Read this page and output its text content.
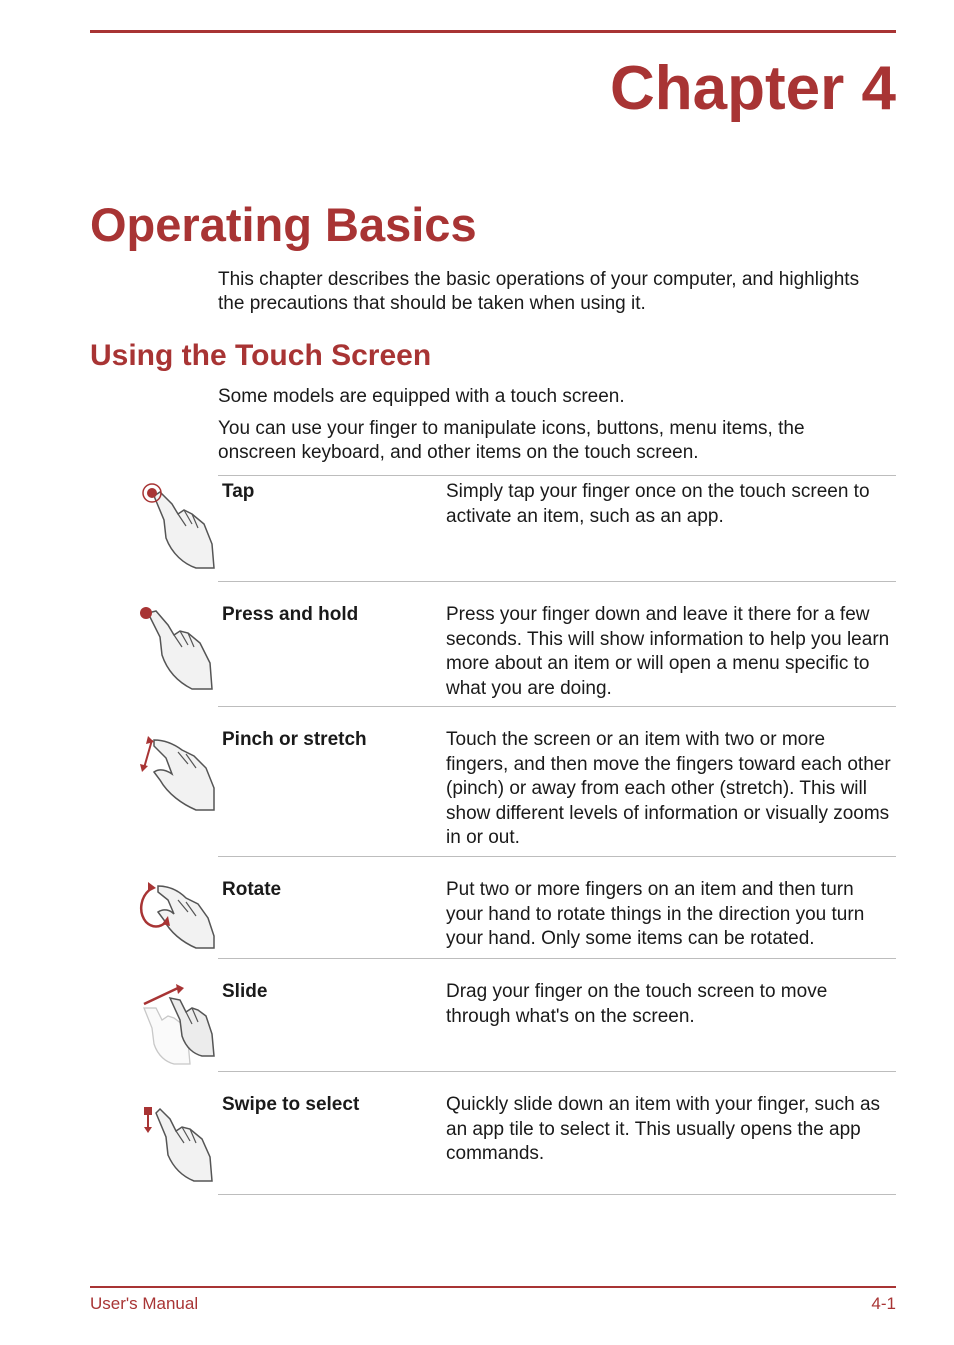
Chapter 4
Operating Basics
This chapter describes the basic operations of your computer, and highlights the precautions that should be taken when using it.
Using the Touch Screen
Some models are equipped with a touch screen.
You can use your finger to manipulate icons, buttons, menu items, the onscreen keyboard, and other items on the touch screen.
Tap	Simply tap your finger once on the touch screen to activate an item, such as an app.
Press and hold	Press your finger down and leave it there for a few seconds. This will show information to help you learn more about an item or will open a menu specific to what you are doing.
Pinch or stretch	Touch the screen or an item with two or more fingers, and then move the fingers toward each other (pinch) or away from each other (stretch). This will show different levels of information or visually zooms in or out.
Rotate	Put two or more fingers on an item and then turn your hand to rotate things in the direction you turn your hand. Only some items can be rotated.
Slide	Drag your finger on the touch screen to move through what's on the screen.
Swipe to select	Quickly slide down an item with your finger, such as an app tile to select it. This usually opens the app commands.
User's Manual	4-1
